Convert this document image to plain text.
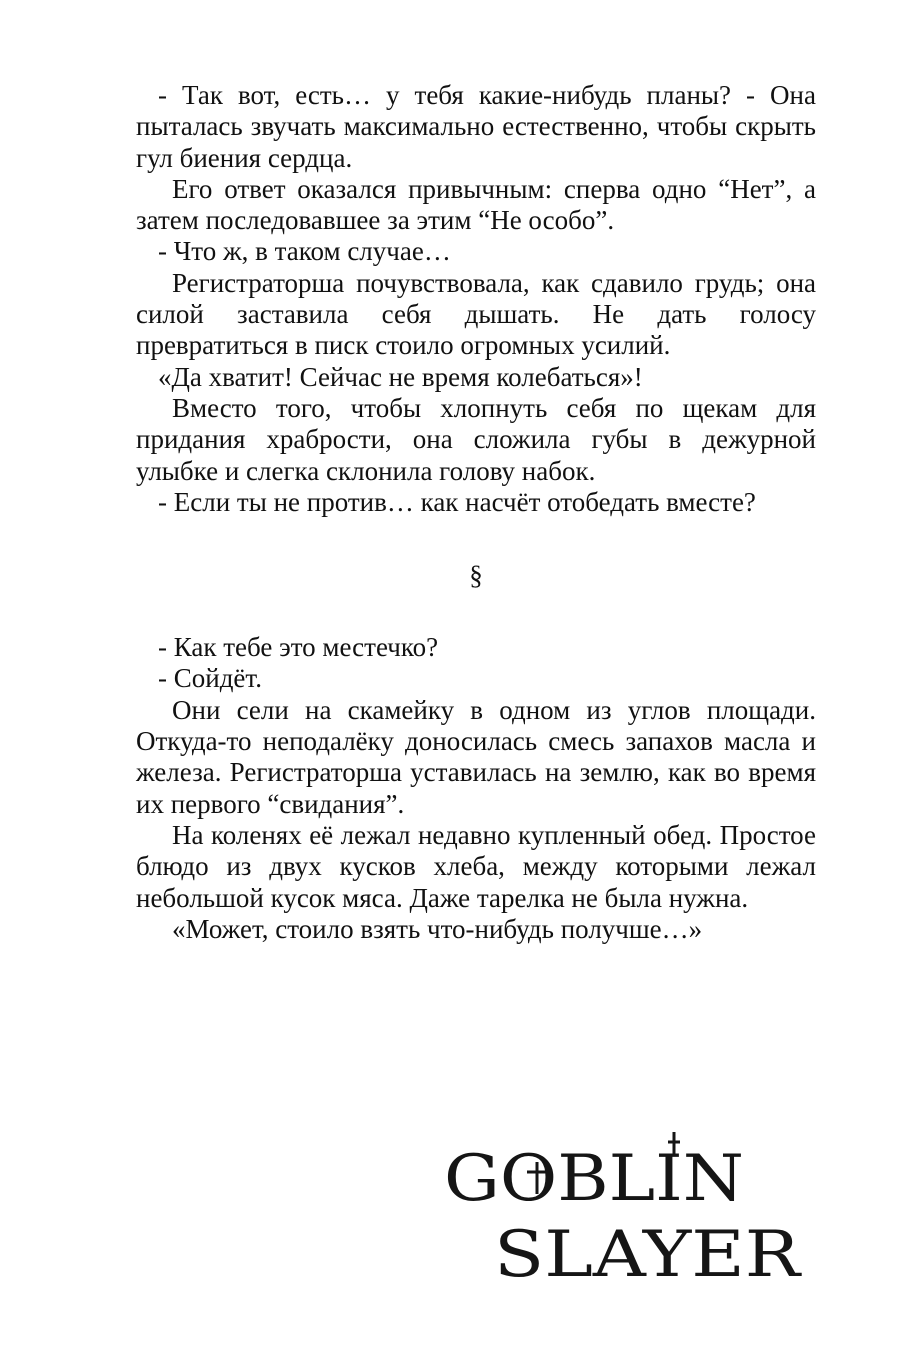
- Так вот, есть… у тебя какие-нибудь планы? - Она пыталась звучать максимально естественно, чтобы скрыть гул биения сердца.

Его ответ оказался привычным: сперва одно “Нет”, а затем последовавшее за этим “Не особо”.

- Что ж, в таком случае…

Регистраторша почувствовала, как сдавило грудь; она силой заставила себя дышать. Не дать голосу превратиться в писк стоило огромных усилий.

«Да хватит! Сейчас не время колебаться»!

Вместо того, чтобы хлопнуть себя по щекам для придания храбрости, она сложила губы в дежурной улыбке и слегка склонила голову набок.

- Если ты не против… как насчёт отобедать вместе?

§

- Как тебе это местечко?

- Сойдёт.

Они сели на скамейку в одном из углов площади. Откуда-то неподалёку доносилась смесь запахов масла и железа. Регистраторша уставилась на землю, как во время их первого “свидания”.

На коленях её лежал недавно купленный обед. Простое блюдо из двух кусков хлеба, между которыми лежал небольшой кусок мяса. Даже тарелка не была нужна.

«Может, стоило взять что-нибудь получше…»

GOBLIN
SLAYER
